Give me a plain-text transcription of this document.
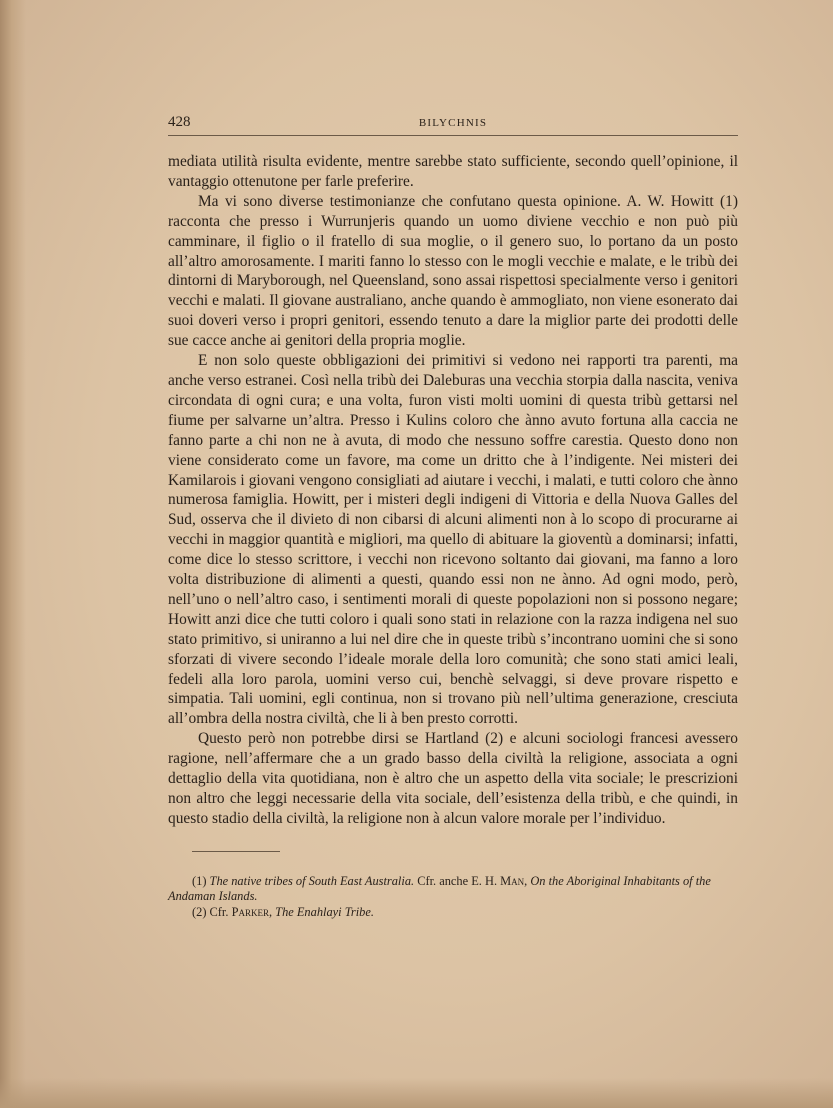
428	BILYCHNIS

mediata utilità risulta evidente, mentre sarebbe stato sufficiente, secondo quell’opinione, il vantaggio ottenutone per farle preferire.

Ma vi sono diverse testimonianze che confutano questa opinione. A. W. Howitt (1) racconta che presso i Wurrunjeris quando un uomo diviene vecchio e non può più camminare, il figlio o il fratello di sua moglie, o il genero suo, lo portano da un posto all’altro amorosamente. I mariti fanno lo stesso con le mogli vecchie e malate, e le tribù dei dintorni di Maryborough, nel Queensland, sono assai rispettosi specialmente verso i genitori vecchi e malati. Il giovane australiano, anche quando è ammogliato, non viene esonerato dai suoi doveri verso i propri genitori, essendo tenuto a dare la miglior parte dei prodotti delle sue cacce anche ai genitori della propria moglie.

E non solo queste obbligazioni dei primitivi si vedono nei rapporti tra parenti, ma anche verso estranei. Così nella tribù dei Daleburas una vecchia storpia dalla nascita, veniva circondata di ogni cura; e una volta, furon visti molti uomini di questa tribù gettarsi nel fiume per salvarne un’altra. Presso i Kulins coloro che ànno avuto fortuna alla caccia ne fanno parte a chi non ne à avuta, di modo che nessuno soffre carestia. Questo dono non viene considerato come un favore, ma come un dritto che à l’indigente. Nei misteri dei Kamilarois i giovani vengono consigliati ad aiutare i vecchi, i malati, e tutti coloro che ànno numerosa famiglia. Howitt, per i misteri degli indigeni di Vittoria e della Nuova Galles del Sud, osserva che il divieto di non cibarsi di alcuni alimenti non à lo scopo di procurarne ai vecchi in maggior quantità e migliori, ma quello di abituare la gioventù a dominarsi; infatti, come dice lo stesso scrittore, i vecchi non ricevono soltanto dai giovani, ma fanno a loro volta distribuzione di alimenti a questi, quando essi non ne ànno. Ad ogni modo, però, nell’uno o nell’altro caso, i sentimenti morali di queste popolazioni non si possono negare; Howitt anzi dice che tutti coloro i quali sono stati in relazione con la razza indigena nel suo stato primitivo, si uniranno a lui nel dire che in queste tribù s’incontrano uomini che si sono sforzati di vivere secondo l’ideale morale della loro comunità; che sono stati amici leali, fedeli alla loro parola, uomini verso cui, benchè selvaggi, si deve provare rispetto e simpatia. Tali uomini, egli continua, non si trovano più nell’ultima generazione, cresciuta all’ombra della nostra civiltà, che li à ben presto corrotti.

Questo però non potrebbe dirsi se Hartland (2) e alcuni sociologi francesi avessero ragione, nell’affermare che a un grado basso della civiltà la religione, associata a ogni dettaglio della vita quotidiana, non è altro che un aspetto della vita sociale; le prescrizioni non altro che leggi necessarie della vita sociale, dell’esistenza della tribù, e che quindi, in questo stadio della civiltà, la religione non à alcun valore morale per l’individuo.

(1) The native tribes of South East Australia. Cfr. anche E. H. Man, On the Aboriginal Inhabitants of the Andaman Islands.

(2) Cfr. Parker, The Enahlayi Tribe.
